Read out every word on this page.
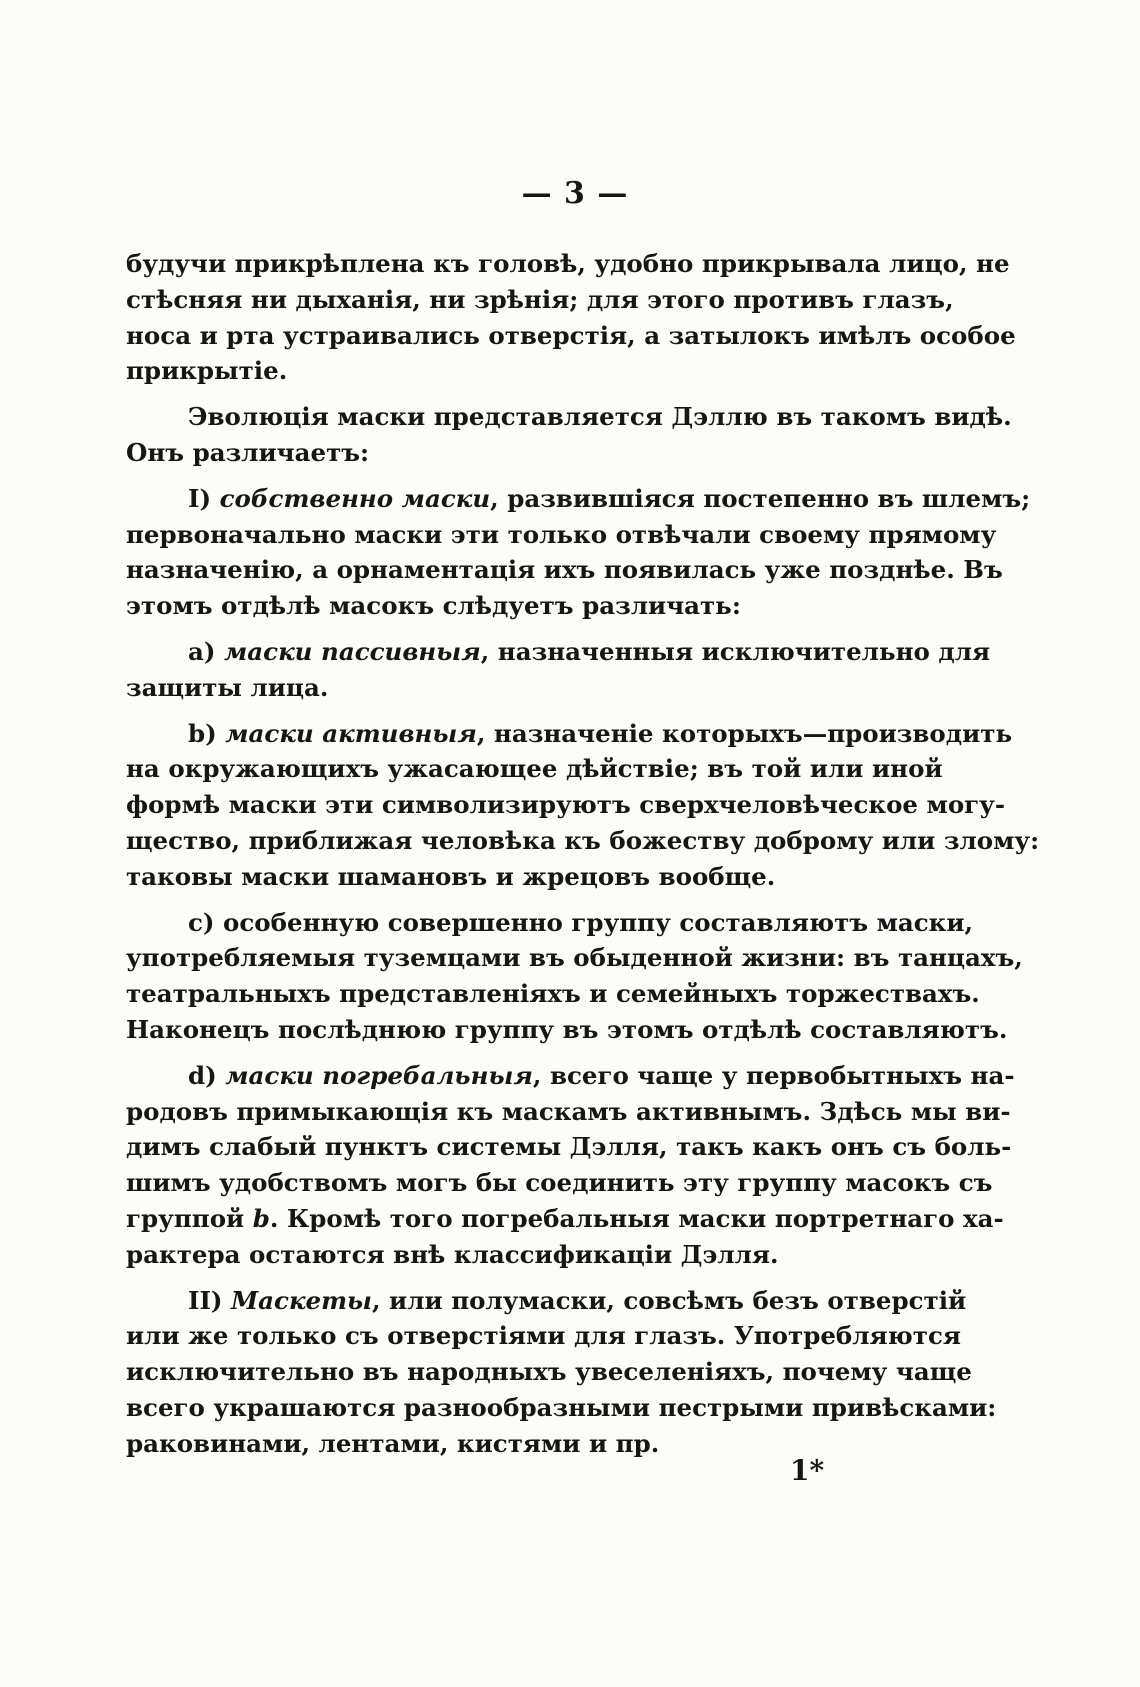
— 3 —
будучи прикрѣплена къ головѣ, удобно прикрывала лицо, не
стѣсняя ни дыханія, ни зрѣнія; для этого противъ глазъ,
носа и рта устраивались отверстія, а затылокъ имѣлъ особое
прикрытіе.
Эволюція маски представляется Дэллю въ такомъ видѣ.
Онъ различаетъ:
I) собственно маски, развившіяся постепенно въ шлемъ;
первоначально маски эти только отвѣчали своему прямому
назначенію, а орнаментація ихъ появилась уже позднѣе. Въ
этомъ отдѣлѣ масокъ слѣдуетъ различать:
a) маски пассивныя, назначенныя исключительно для
защиты лица.
b) маски активныя, назначеніе которыхъ—производить
на окружающихъ ужасающее дѣйствіе; въ той или иной
формѣ маски эти символизируютъ сверхчеловѣческое могу-
щество, приближая человѣка къ божеству доброму или злому:
таковы маски шамановъ и жрецовъ вообще.
c) особенную совершенно группу составляютъ маски,
употребляемыя туземцами въ обыденной жизни: въ танцахъ,
театральныхъ представленіяхъ и семейныхъ торжествахъ.
Наконецъ послѣднюю группу въ этомъ отдѣлѣ составляютъ.
d) маски погребальныя, всего чаще у первобытныхъ на-
родовъ примыкающія къ маскамъ активнымъ. Здѣсь мы ви-
димъ слабый пунктъ системы Дэлля, такъ какъ онъ съ боль-
шимъ удобствомъ могъ бы соединить эту группу масокъ съ
группой b. Кромѣ того погребальныя маски портретнаго ха-
рактера остаются внѣ классификаціи Дэлля.
II) Маскеты, или полумаски, совсѣмъ безъ отверстій
или же только съ отверстіями для глазъ. Употребляются
исключительно въ народныхъ увеселеніяхъ, почему чаще
всего украшаются разнообразными пестрыми привѣсками:
раковинами, лентами, кистями и пр.
1*
